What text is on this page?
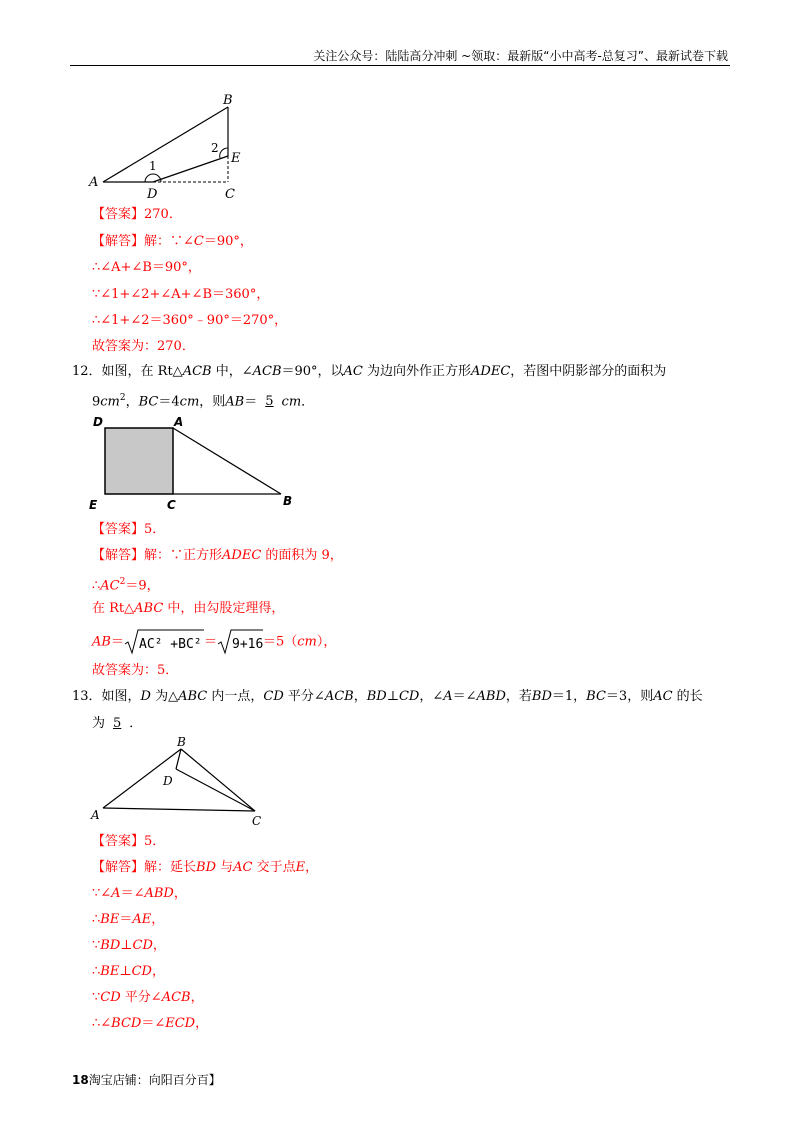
关注公众号：陆陆高分冲刺 ~领取：最新版“小中高考-总复习”、最新试卷下载
A
B
C
D
E
1
2
【答案】270．
【解答】解：∵∠C＝90°，
∴∠A+∠B＝90°，
∵∠1+∠2+∠A+∠B＝360°，
∴∠1+∠2＝360°﹣90°＝270°，
故答案为：270．
12．如图，在 Rt△ACB 中，∠ACB＝90°，以AC 为边向外作正方形ADEC，若图中阴影部分的面积为
$9cm^2$，BC＝4cm，则AB＝ 5 cm．
D	A
E	C	B
【答案】5．
【解答】解：∵正方形ADEC 的面积为 9，
$\therefore AC^2=9$，
在 Rt△ABC 中，由勾股定理得，
AB＝ AC² +BC² ＝ 9+16 ＝5（cm），
故答案为：5．
13．如图，D 为△ABC 内一点，CD 平分∠ACB，BD⊥CD，∠A＝∠ABD，若BD＝1，BC＝3，则AC 的长
为 5 ．
A
B
C
D
【答案】5．
【解答】解：延长BD 与AC 交于点E，
∵∠A＝∠ABD，
∴BE＝AE，
∵BD⊥CD，
∴BE⊥CD，
∵CD 平分∠ACB，
∴∠BCD＝∠ECD，
18淘宝店铺：向阳百分百】
